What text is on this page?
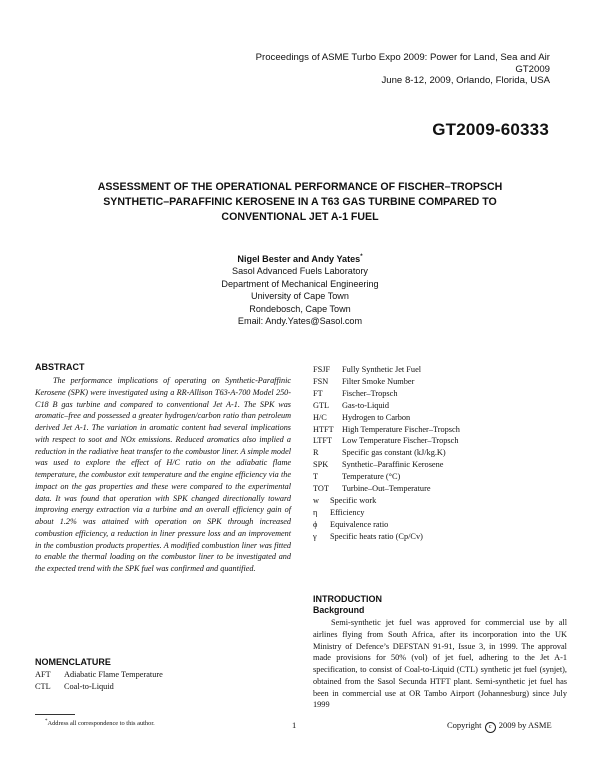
Proceedings of ASME Turbo Expo 2009: Power for Land, Sea and Air
GT2009
June 8-12, 2009, Orlando, Florida, USA
GT2009-60333
ASSESSMENT OF THE OPERATIONAL PERFORMANCE OF FISCHER–TROPSCH
SYNTHETIC–PARAFFINIC KEROSENE IN A T63 GAS TURBINE COMPARED TO
CONVENTIONAL JET A-1 FUEL
Nigel Bester and Andy Yates*
Sasol Advanced Fuels Laboratory
Department of Mechanical Engineering
University of Cape Town
Rondebosch, Cape Town
Email: Andy.Yates@Sasol.com
ABSTRACT

The performance implications of operating on Synthetic-Paraffinic Kerosene (SPK) were investigated using a RR-Allison T63-A-700 Model 250-C18 B gas turbine and compared to conventional Jet A-1. The SPK was aromatic–free and possessed a greater hydrogen/carbon ratio than petroleum derived Jet A-1. The variation in aromatic content had several implications with respect to soot and NOx emissions. Reduced aromatics also implied a reduction in the radiative heat transfer to the combustor liner. A simple model was used to explore the effect of H/C ratio on the adiabatic flame temperature, the combustor exit temperature and the engine efficiency via the impact on the gas properties and these were compared to the experimental data. It was found that operation with SPK changed directionally toward improving energy extraction via a turbine and an overall efficiency gain of about 1.2% was attained with operation on SPK through increased combustion efficiency, a reduction in liner pressure loss and an improvement in the combustion products properties. A modified combustion liner was fitted to enable the thermal loading on the combustor liner to be investigated and the expected trend with the SPK fuel was confirmed and quantified.

NOMENCLATURE
AFT	Adiabatic Flame Temperature
CTL	Coal-to-Liquid
FSJF	Fully Synthetic Jet Fuel
FSN	Filter Smoke Number
FT	Fischer–Tropsch
GTL	Gas-to-Liquid
H/C	Hydrogen to Carbon
HTFT High Temperature Fischer–Tropsch
LTFT	Low Temperature Fischer–Tropsch
R	Specific gas constant (kJ/kg.K)
SPK	Synthetic–Paraffinic Kerosene
T	Temperature (°C)
TOT	Turbine–Out–Temperature
w	Specific work
η	Efficiency
ϕ	Equivalence ratio
γ	Specific heats ratio (Cp/Cv)
INTRODUCTION
Background

Semi-synthetic jet fuel was approved for commercial use by all airlines flying from South Africa, after its incorporation into the UK Ministry of Defence’s DEFSTAN 91-91, Issue 3, in 1999. The approval made provisions for 50% (vol) of jet fuel, adhering to the Jet A-1 specification, to consist of Coal-to-Liquid (CTL) synthetic jet fuel (synjet), obtained from the Sasol Secunda HTFT plant. Semi-synthetic jet fuel has been in commercial use at OR Tambo Airport (Johannesburg) since July 1999

*Address all correspondence to this author.	1	Copyright c 2009 by ASME
